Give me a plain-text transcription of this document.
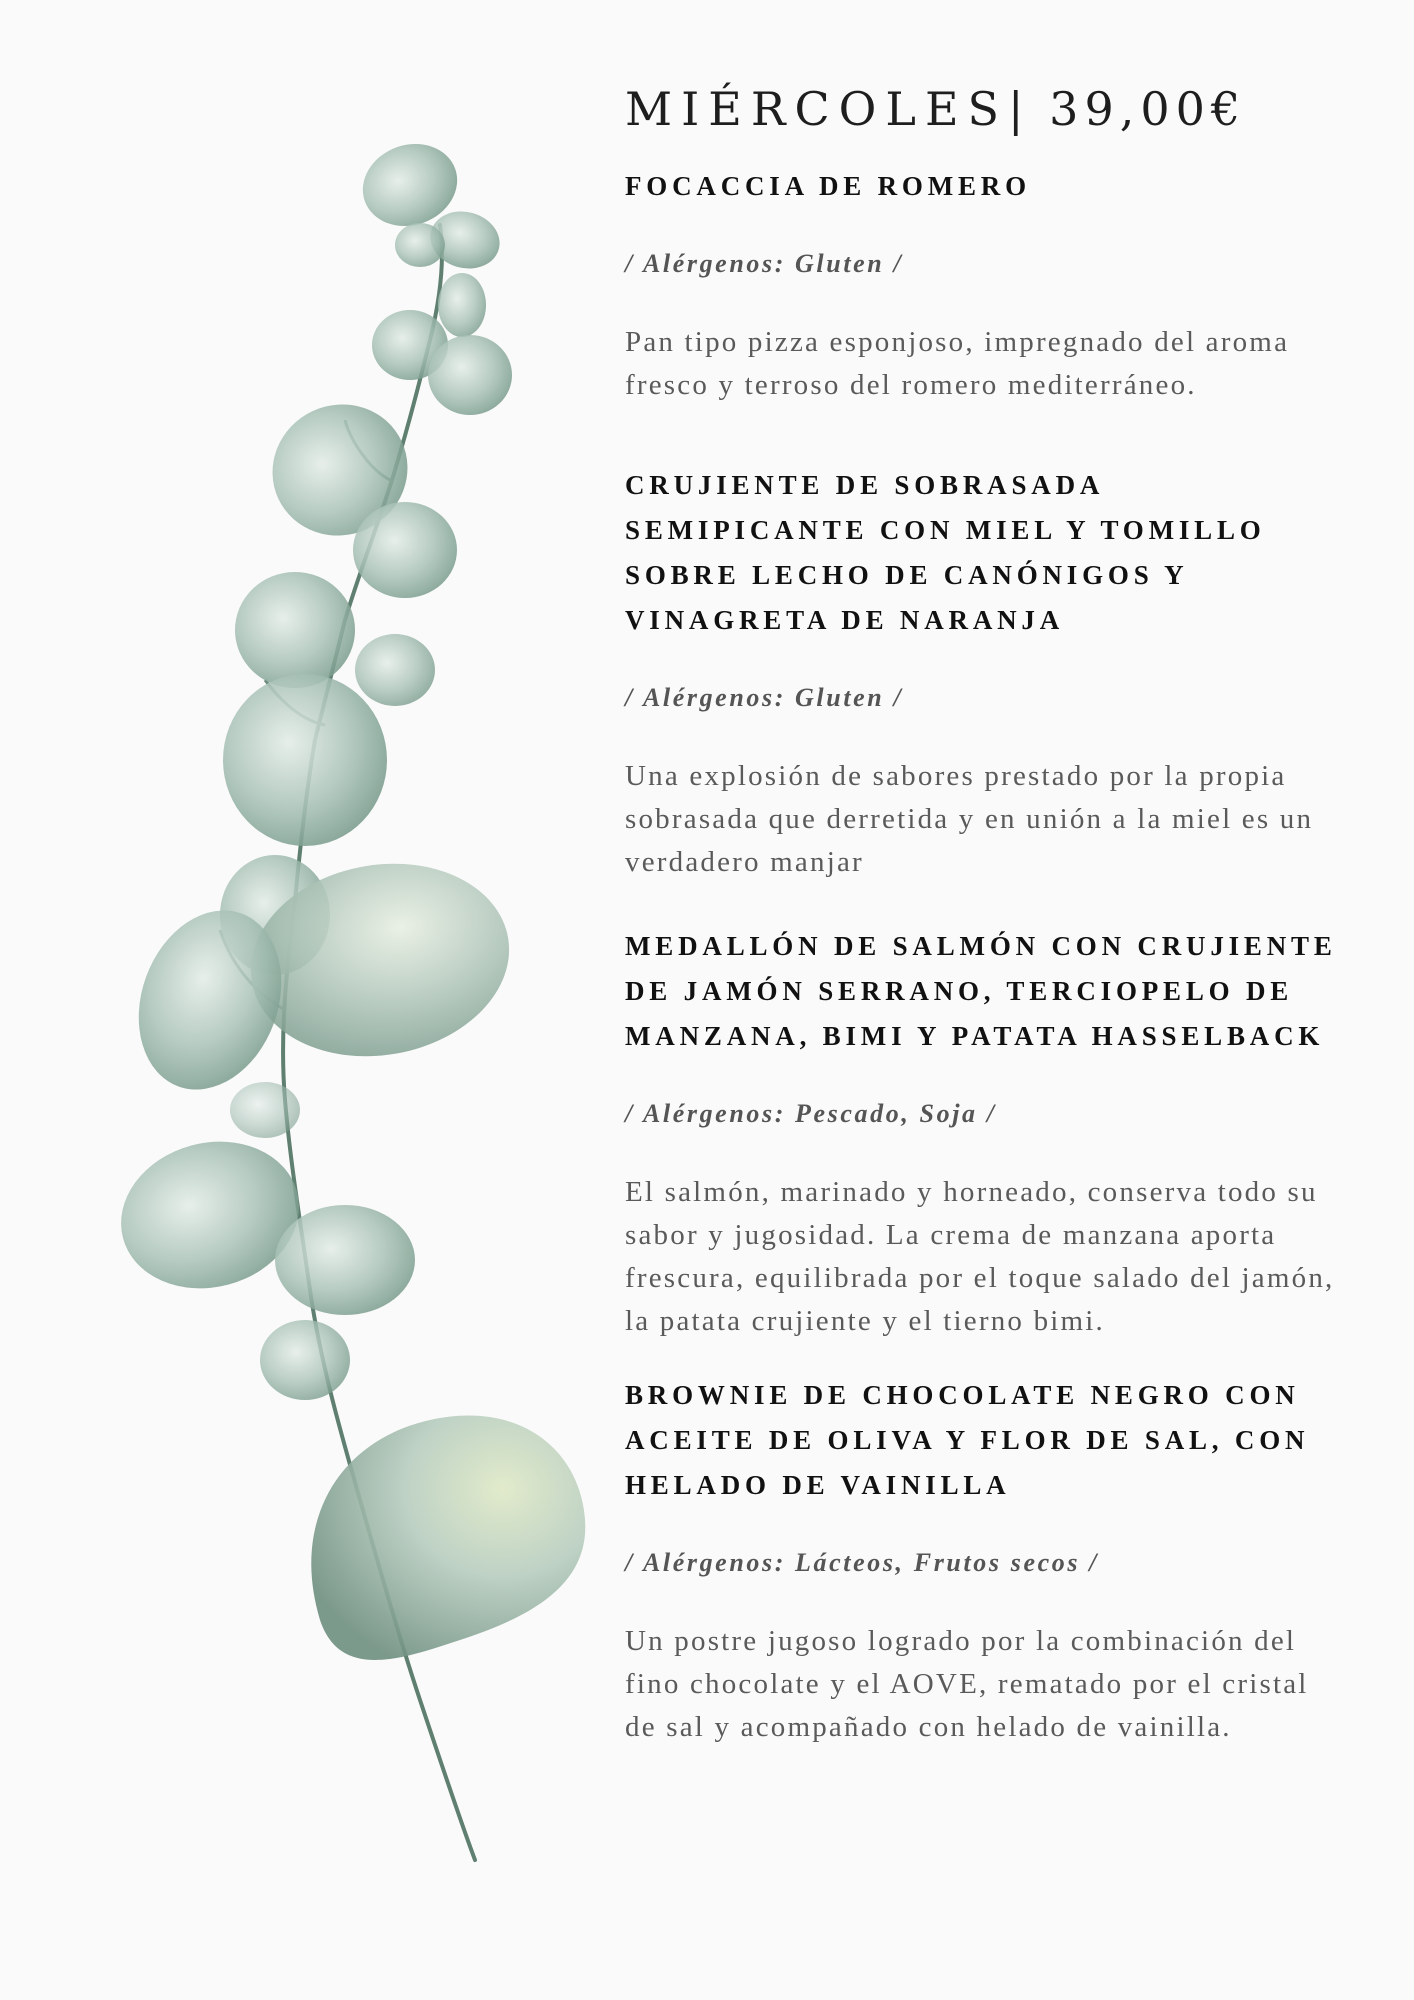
MIÉRCOLES| 39,00€

FOCACCIA DE ROMERO

/ Alérgenos: Gluten /

Pan tipo pizza esponjoso, impregnado del aroma fresco y terroso del romero mediterráneo.

CRUJIENTE DE SOBRASADA SEMIPICANTE CON MIEL Y TOMILLO SOBRE LECHO DE CANÓNIGOS Y VINAGRETA DE NARANJA

/ Alérgenos: Gluten /

Una explosión de sabores prestado por la propia sobrasada que derretida y en unión a la miel es un verdadero manjar

MEDALLÓN DE SALMÓN CON CRUJIENTE DE JAMÓN SERRANO, TERCIOPELO DE MANZANA, BIMI Y PATATA HASSELBACK

/ Alérgenos: Pescado, Soja /

El salmón, marinado y horneado, conserva todo su sabor y jugosidad. La crema de manzana aporta frescura, equilibrada por el toque salado del jamón, la patata crujiente y el tierno bimi.

BROWNIE DE CHOCOLATE NEGRO CON ACEITE DE OLIVA Y FLOR DE SAL, CON HELADO DE VAINILLA

/ Alérgenos: Lácteos, Frutos secos /

Un postre jugoso logrado por la combinación del fino chocolate y el AOVE, rematado por el cristal de sal y acompañado con helado de vainilla.
